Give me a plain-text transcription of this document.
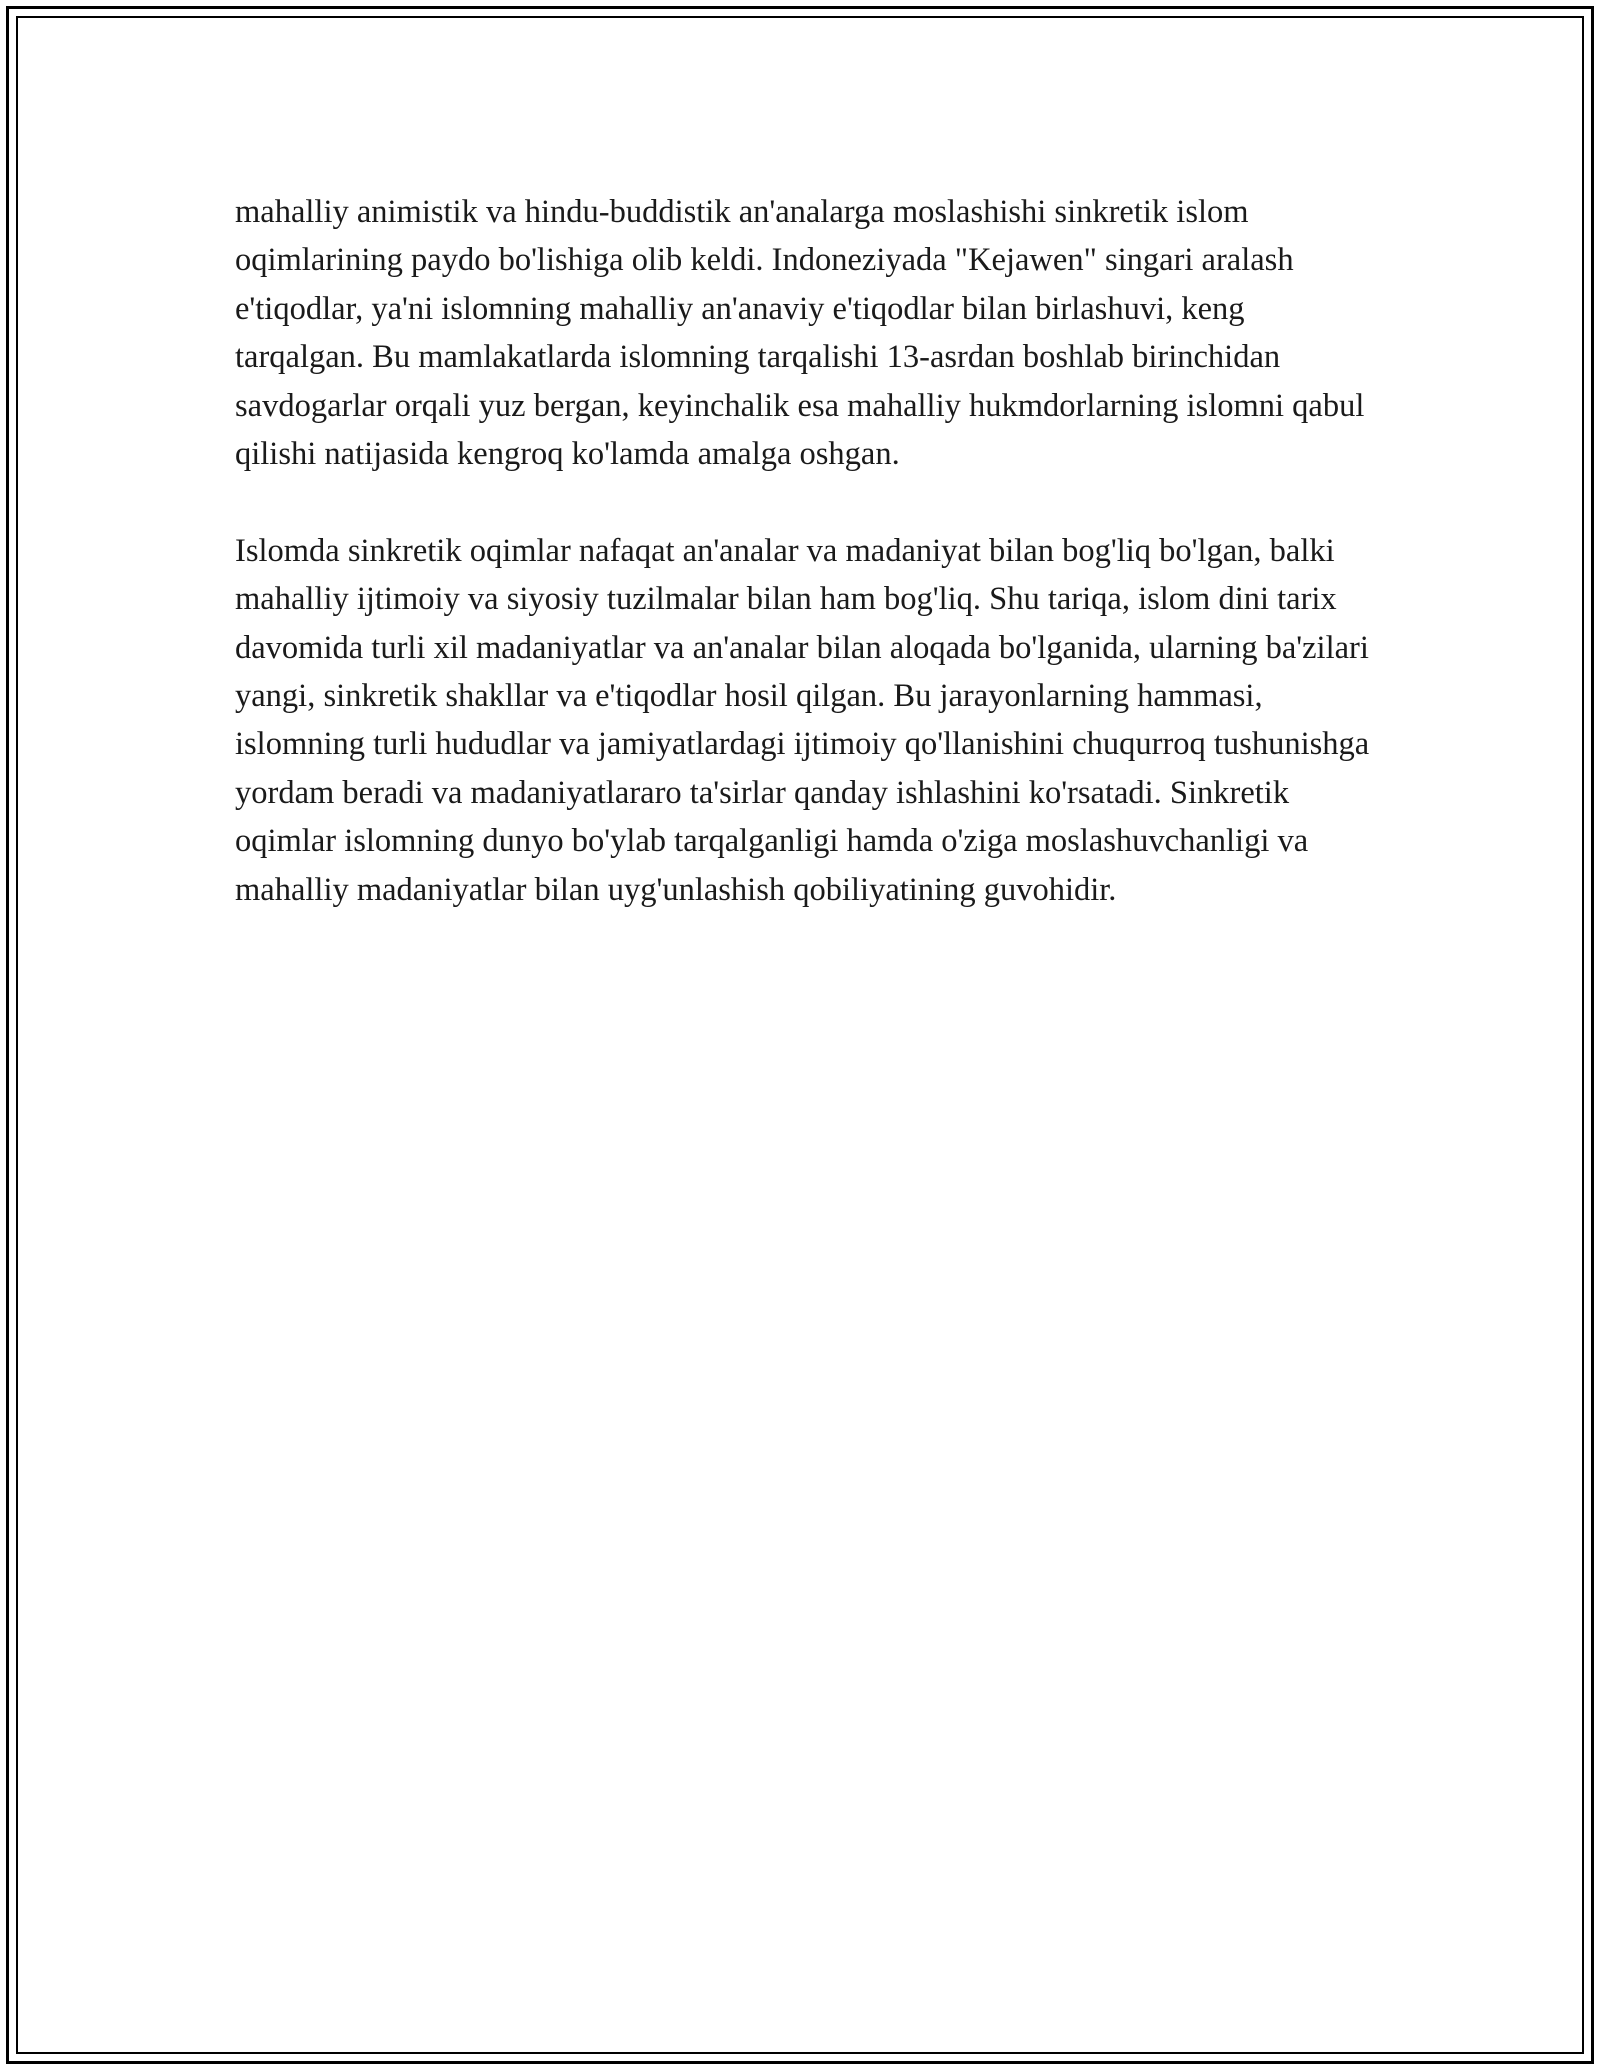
mahalliy animistik va hindu-buddistik an'analarga moslashishi sinkretik islom oqimlarining paydo bo'lishiga olib keldi. Indoneziyada "Kejawen" singari aralash e'tiqodlar, ya'ni islomning mahalliy an'anaviy e'tiqodlar bilan birlashuvi, keng tarqalgan. Bu mamlakatlarda islomning tarqalishi 13-asrdan boshlab birinchidan savdogarlar orqali yuz bergan, keyinchalik esa mahalliy hukmdorlarning islomni qabul qilishi natijasida kengroq ko'lamda amalga oshgan.

Islomda sinkretik oqimlar nafaqat an'analar va madaniyat bilan bog'liq bo'lgan, balki mahalliy ijtimoiy va siyosiy tuzilmalar bilan ham bog'liq. Shu tariqa, islom dini tarix davomida turli xil madaniyatlar va an'analar bilan aloqada bo'lganida, ularning ba'zilari yangi, sinkretik shakllar va e'tiqodlar hosil qilgan. Bu jarayonlarning hammasi, islomning turli hududlar va jamiyatlardagi ijtimoiy qo'llanishini chuqurroq tushunishga yordam beradi va madaniyatlararo ta'sirlar qanday ishlashini ko'rsatadi. Sinkretik oqimlar islomning dunyo bo'ylab tarqalganligi hamda o'ziga moslashuvchanligi va mahalliy madaniyatlar bilan uyg'unlashish qobiliyatining guvohidir.
